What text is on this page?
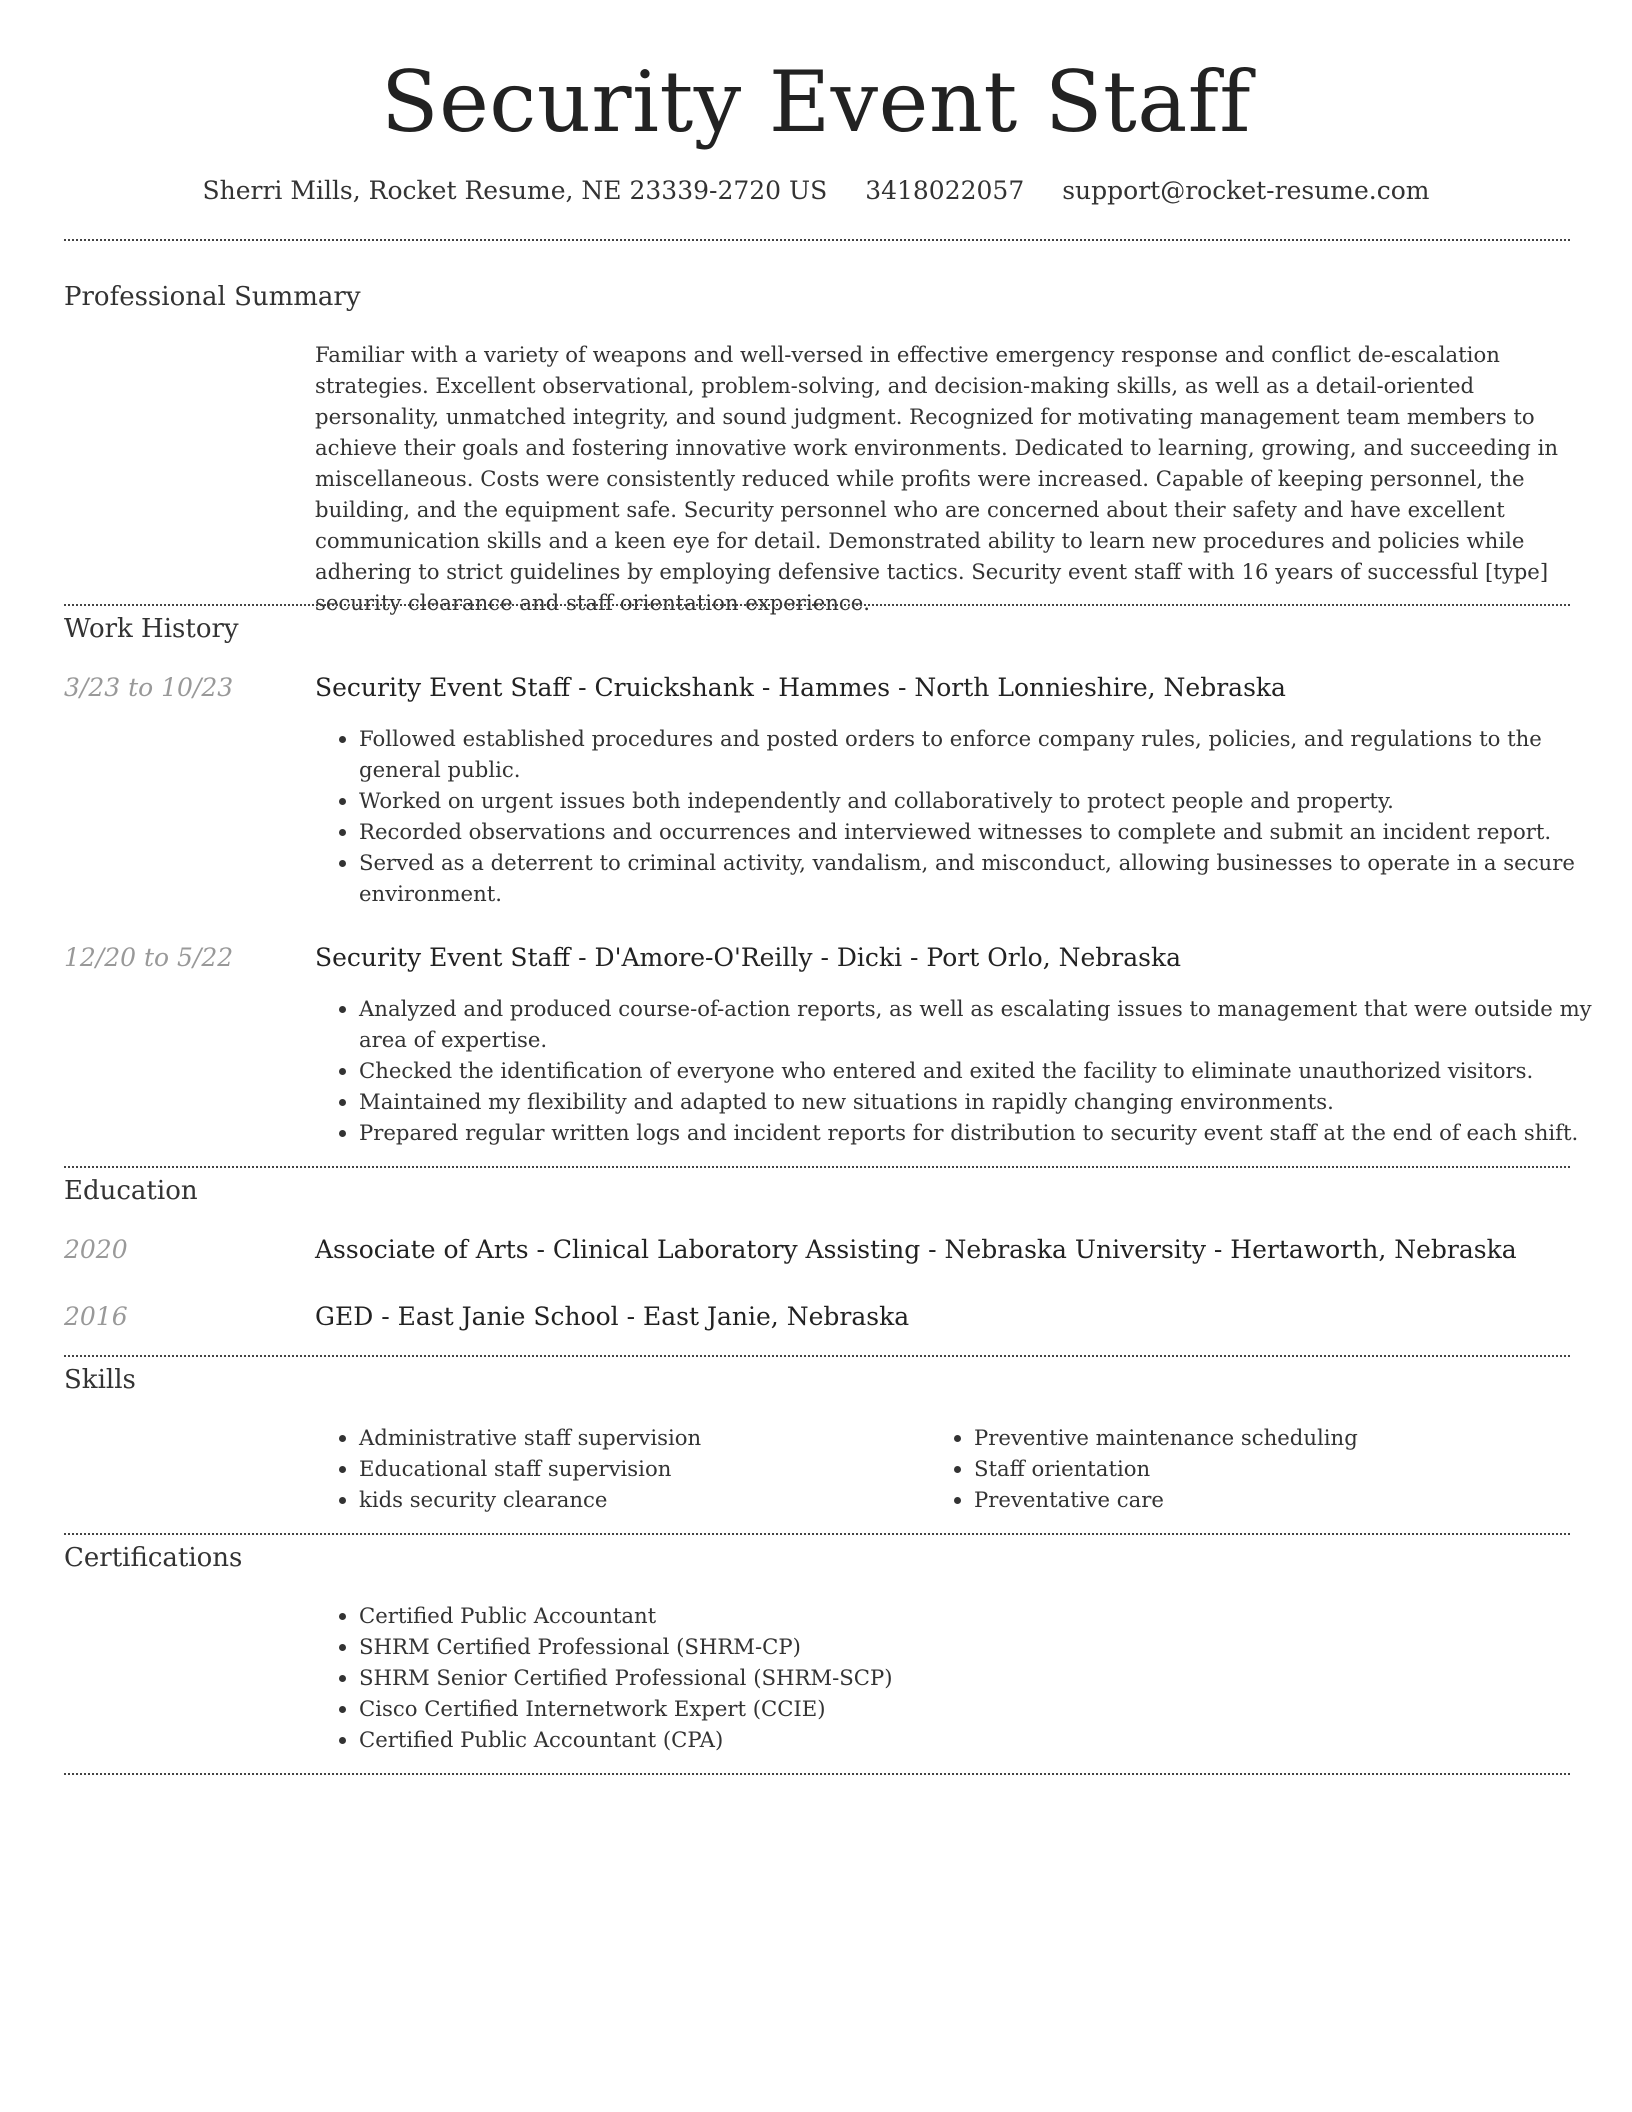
Security Event Staff
Sherri Mills, Rocket Resume, NE 23339-2720 US 3418022057 support@rocket-resume.com
Professional Summary

Familiar with a variety of weapons and well-versed in effective emergency response and conflict de-escalation strategies. Excellent observational, problem-solving, and decision-making skills, as well as a detail-oriented personality, unmatched integrity, and sound judgment. Recognized for motivating management team members to achieve their goals and fostering innovative work environments. Dedicated to learning, growing, and succeeding in miscellaneous. Costs were consistently reduced while profits were increased. Capable of keeping personnel, the building, and the equipment safe. Security personnel who are concerned about their safety and have excellent communication skills and a keen eye for detail. Demonstrated ability to learn new procedures and policies while adhering to strict guidelines by employing defensive tactics. Security event staff with 16 years of successful [type] security clearance and staff orientation experience.

Work History
3/23 to 10/23	Security Event Staff - Cruickshank - Hammes - North Lonnieshire, Nebraska
• Followed established procedures and posted orders to enforce company rules, policies, and regulations to the general public.
• Worked on urgent issues both independently and collaboratively to protect people and property.
• Recorded observations and occurrences and interviewed witnesses to complete and submit an incident report.
• Served as a deterrent to criminal activity, vandalism, and misconduct, allowing businesses to operate in a secure environment.
12/20 to 5/22	Security Event Staff - D'Amore-O'Reilly - Dicki - Port Orlo, Nebraska
• Analyzed and produced course-of-action reports, as well as escalating issues to management that were outside my area of expertise.
• Checked the identification of everyone who entered and exited the facility to eliminate unauthorized visitors.
• Maintained my flexibility and adapted to new situations in rapidly changing environments.
• Prepared regular written logs and incident reports for distribution to security event staff at the end of each shift.
Education
2020	Associate of Arts - Clinical Laboratory Assisting - Nebraska University - Hertaworth, Nebraska
2016	GED - East Janie School - East Janie, Nebraska
Skills
• Administrative staff supervision
• Educational staff supervision
• kids security clearance
• Preventive maintenance scheduling
• Staff orientation
• Preventative care
Certifications
• Certified Public Accountant
• SHRM Certified Professional (SHRM-CP)
• SHRM Senior Certified Professional (SHRM-SCP)
• Cisco Certified Internetwork Expert (CCIE)
• Certified Public Accountant (CPA)
